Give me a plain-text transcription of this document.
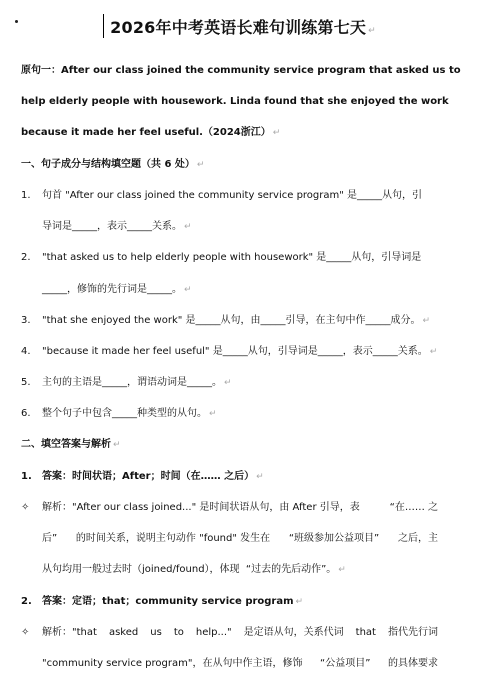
2026年中考英语长难句训练第七天 ↵
原句一：After our class joined the community service program that asked us to
help elderly people with housework. Linda found that she enjoyed the work
because it made her feel useful.（2024浙江） ↵
一、句子成分与结构填空题（共 6 处） ↵
1. 句首 "After our class joined the community service program" 是_____从句，引
导词是_____，表示_____关系。 ↵
2. "that asked us to help elderly people with housework" 是_____从句，引导词是
_____，修饰的先行词是_____。 ↵
3. "that she enjoyed the work" 是_____从句，由_____引导，在主句中作_____成分。 ↵
4. "because it made her feel useful" 是_____从句，引导词是_____，表示_____关系。 ↵
5. 主句的主语是_____，谓语动词是_____。 ↵
6. 整个句子中包含_____种类型的从句。 ↵
二、填空答案与解析 ↵
1. 答案：时间状语；After；时间（在…… 之后） ↵
✧ 解析："After our class joined..." 是时间状语从句，由 After 引导，表	“在…… 之
后” 的时间关系，说明主句动作 "found" 发生在 “班级参加公益项目” 之后，主
从句均用一般过去时（joined/found），体现 “过去的先后动作”。 ↵
2. 答案：定语；that；community service program ↵
✧ 解析："that asked us to help..." 是定语从句，关系代词 that 指代先行词
"community service program"，在从句中作主语，修饰 “公益项目” 的具体要求
